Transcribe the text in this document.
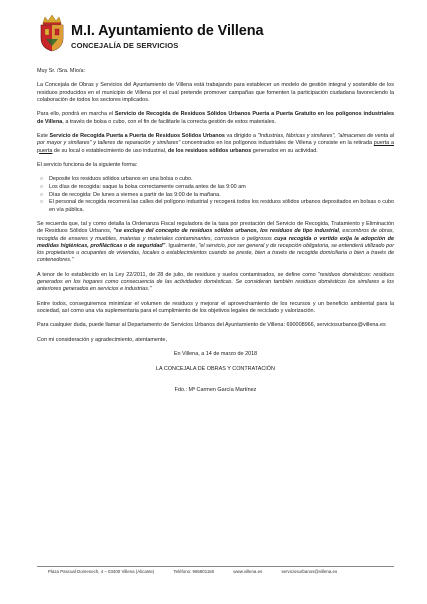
M.I. Ayuntamiento de Villena
CONCEJALÍA DE SERVICIOS

Muy Sr. /Sra. Mío/a:

La Concejala de Obras y Servicios del Ayuntamiento de Villena está trabajando para establecer un modelo de gestión integral y sostenible de los residuos producidos en el municipio de Villena por el cual pretende promover campañas que fomenten la participación ciudadana favoreciendo la colaboración de todos los sectores implicados.

Para ello, pondrá en marcha el Servicio de Recogida de Residuos Sólidos Urbanos Puerta a Puerta Gratuito en los polígonos industriales de Villena, a través de bolsa o cubo, con el fin de facilitarle la correcta gestión de estos materiales.

Este Servicio de Recogida Puerta a Puerta de Residuos Sólidos Urbanos va dirigido a "Industrias, fábricas y similares", "almacenes de venta al por mayor y similares" y talleres de reparación y similares" concentrados en los polígonos industriales de Villena y consiste en la retirada puerta a puerta de su local o establecimiento de uso industrial, de los residuos sólidos urbanos generados en su actividad.

El servicio funciona de la siguiente forma:

○ Deposite los residuos sólidos urbanos en una bolsa o cubo.
○ Los días de recogida: saque la bolsa correctamente cerrada antes de las 9:00 am
○ Días de recogida: De lunes a viernes a partir de las 9:00 de la mañana.
○ El personal de recogida recorrerá las calles del polígono industrial y recogerá todos los residuos sólidos urbanos depositados en bolsas o cubo en vía pública.

Se recuerda que, tal y como detalla la Ordenanza Fiscal reguladora de la tasa por prestación del Servicio de Recogida, Tratamiento y Eliminación de Residuos Sólidos Urbanos, "se excluye del concepto de residuos sólidos urbanos, los residuos de tipo industrial, escombros de obras, recogida de enseres y muebles, materias y materiales contaminantes, corrosivos o peligrosos cuya recogida o vertido exija la adopción de medidas higiénicas, profilácticas o de seguridad". Igualmente, "el servicio, por ser general y de recepción obligatoria, se entenderá utilizado por los propietarios u ocupantes de viviendas, locales o establecimientos cuando se preste, bien a través de recogida domiciliaria o bien a través de contenedores."

A tenor de lo establecido en la Ley 22/2011, de 28 de julio, de residuos y suelos contaminados, se define como "residuos domésticos: residuos generados en los hogares como consecuencia de las actividades domésticas. Se consideran también residuos domésticos los similares a los anteriores generados en servicios e industrias."

Entre todos, conseguiremos minimizar el volumen de residuos y mejorar el aprovechamiento de los recursos y un beneficio ambiental para la sociedad, así como una vía suplementaria para el cumplimiento de los objetivos legales de reciclado y valorización.

Para cualquier duda, puede llamar al Departamento de Servicios Urbanos del Ayuntamiento de Villena: 690008966, serviciosurbanos@villena.es

Con mi consideración y agradecimiento, atentamente,

En Villena, a 14 de marzo de 2018

LA CONCEJALA DE OBRAS Y CONTRATACIÓN

Fdo.: Mª Carmen García Martínez

Plaza Pascual Domenech, 4 – 03400 Villena (Alicante)	Teléfono: 965801150	www.villena.es	serviciosurbanos@villena.es
